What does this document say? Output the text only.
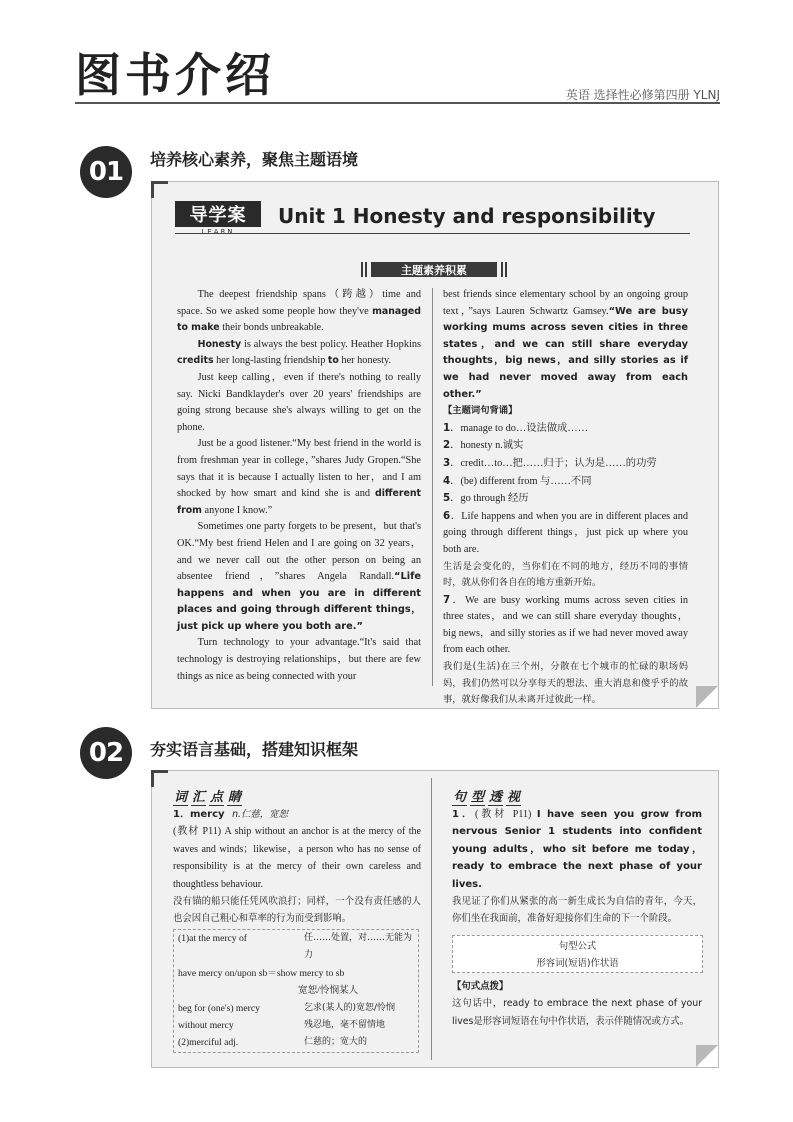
图书介绍	英语 选择性必修第四册 YLNJ
01	培养核心素养，聚焦主题语境
导学案
LEARN
Unit 1 Honesty and responsibility
主题素养积累

The deepest friendship spans（跨越）time and space. So we asked some people how they've managed to make their bonds unbreakable.

Honesty is always the best policy. Heather Hopkins credits her long-lasting friendship to her honesty.

Just keep calling，even if there's nothing to really say. Nicki Bandklayder's over 20 years' friendships are going strong because she's always willing to get on the phone.

Just be a good listener.“My best friend in the world is from freshman year in college，”shares Judy Gropen.“She says that it is because I actually listen to her，and I am shocked by how smart and kind she is and different from anyone I know.”

Sometimes one party forgets to be present，but that's OK.“My best friend Helen and I are going on 32 years，and we never call out the other person on being an absentee friend，”shares Angela Randall.“Life happens and when you are in different places and going through different things，just pick up where you both are.”

Turn technology to your advantage.“It's said that technology is destroying relationships，but there are few things as nice as being connected with your

best friends since elementary school by an ongoing group text，”says Lauren Schwartz Gamsey.“We are busy working mums across seven cities in three states，and we can still share everyday thoughts，big news，and silly stories as if we had never moved away from each other.”

【主题词句背诵】

1．manage to do…设法做成……

2．honesty n.诚实

3．credit…to…把……归于；认为是……的功劳

4．(be) different from 与……不同

5．go through 经历

6．Life happens and when you are in different places and going through different things，just pick up where you both are.

生活是会变化的，当你们在不同的地方，经历不同的事情时，就从你们各自在的地方重新开始。

7．We are busy working mums across seven cities in three states，and we can still share everyday thoughts，big news，and silly stories as if we had never moved away from each other.

我们是(生活)在三个州，分散在七个城市的忙碌的职场妈妈，我们仍然可以分享每天的想法、重大消息和傻乎乎的故事，就好像我们从未离开过彼此一样。

02	夯实语言基础，搭建知识框架
词 汇 点 睛
1．mercy n.仁慈，宽恕
(教材 P11) A ship without an anchor is at the mercy of the waves and winds；likewise，a person who has no sense of responsibility is at the mercy of their own careless and thoughtless behaviour.
没有锚的船只能任凭风吹浪打；同样，一个没有责任感的人也会因自己粗心和草率的行为而受到影响。
(1)at the mercy of	任……处置，对……无能为力
have mercy on/upon sb＝show mercy to sb
宽恕/怜悯某人	
beg for (one's) mercy	乞求(某人的)宽恕/怜悯
without mercy	残忍地，毫不留情地
(2)merciful adj.	仁慈的；宽大的
句 型 透 视
1．(教材 P11) I have seen you grow from nervous Senior 1 students into confident young adults，who sit before me today，ready to embrace the next phase of your lives.
我见证了你们从紧张的高一新生成长为自信的青年，今天，你们坐在我面前，准备好迎接你们生命的下一个阶段。
句型公式
形容词(短语)作状语
【句式点拨】
这句话中，ready to embrace the next phase of your lives是形容词短语在句中作状语，表示伴随情况或方式。
